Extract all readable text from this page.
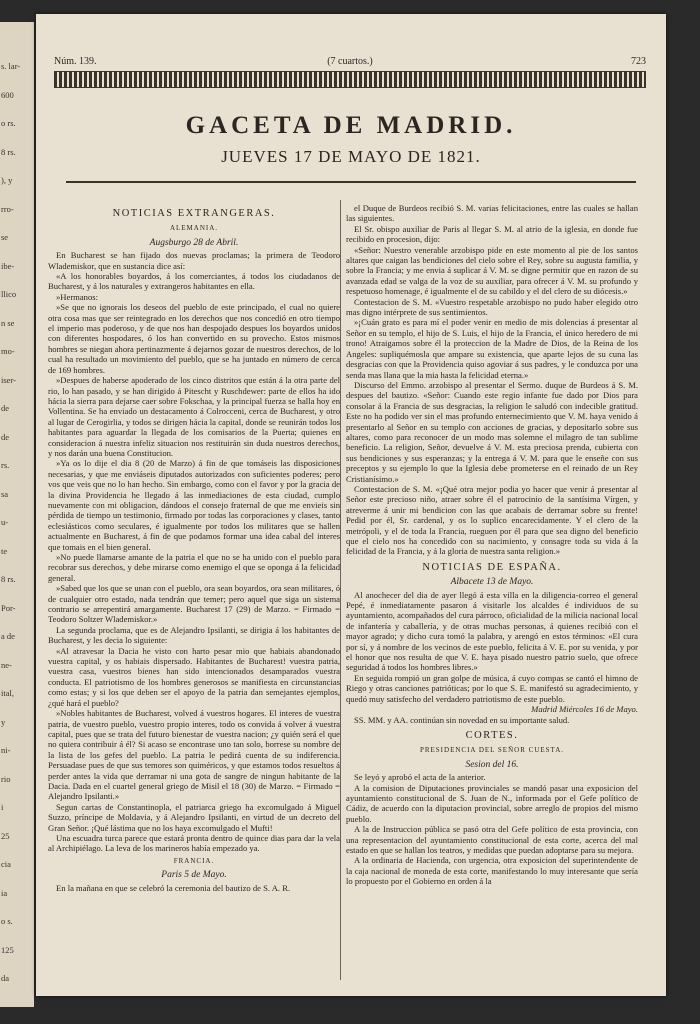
s. lar-
600
o rs.
8 rs.
), y
rro-
se
ibe-
llico
n se
mo-
iser-
de
de
rs.
sa
u-
te
8 rs.
Por-
a de
ne-
ital,
y
ni-
rio
i
25
cia
ia
o s.
125
da
Núm. 139.	(7 cuartos.)	723
GACETA DE MADRID.
JUEVES 17 DE MAYO DE 1821.
NOTICIAS EXTRANGERAS.
ALEMANIA.
Augsburgo 28 de Abril.

En Bucharest se han fijado dos nuevas proclamas; la primera de Teodoro Wlademiskor, que en sustancia dice así:

«A los honorables boyardos, á los comerciantes, á todos los ciudadanos de Bucharest, y á los naturales y extrangeros habitantes en ella.

»Hermanos:

»Se que no ignorais los deseos del pueblo de este principado, el cual no quiere otra cosa mas que ser reintegrado en los derechos que nos concedió en otro tiempo el imperio mas poderoso, y de que nos han despojado despues los boyardos unidos con diferentes hospodares, ó los han convertido en su provecho. Estos mismos hombres se niegan ahora pertinazmente á dejarnos gozar de nuestros derechos, de lo cual ha resultado un movimiento del pueblo, que se ha juntado en número de cerca de 169 hombres.

»Despues de haberse apoderado de los cinco distritos que están á la otra parte del rio, lo han pasado, y se han dirigido á Pitescht y Ruschdewer: parte de ellos ha ido hácia la sierra para dejarse caer sobre Fokschaa, y la principal fuerza se halla hoy en Vollentina. Se ha enviado un destacamento á Colrocceni, cerca de Bucharest, y otro al lugar de Cerogirlia, y todos se dirigen hácia la capital, donde se reunirán todos los habitantes para aguardar la llegada de los comisarios de la Puerta; quienes en consideracion á nuestra infeliz situacion nos restituirán sin duda nuestros derechos, y nos darán una buena Constitucion.

»Ya os lo dije el dia 8 (20 de Marzo) á fin de que tomáseis las disposiciones necesarias, y que me enviáseis diputados autorizados con suficientes poderes; pero vos que veis que no lo han hecho. Sin embargo, como con el favor y por la gracia de la divina Providencia he llegado á las inmediaciones de esta ciudad, cumplo nuevamente con mi obligacion, dándoos el consejo fraternal de que me envieis sin pérdida de tiempo un testimonio, firmado por todas las corporaciones y clases, tanto eclesiásticos como seculares, é igualmente por todos los militares que se hallen actualmente en Bucharest, á fin de que podamos formar una idea cabal del interes que tomais en el bien general.

»No puede llamarse amante de la patria el que no se ha unido con el pueblo para recobrar sus derechos, y debe mirarse como enemigo el que se oponga á la felicidad general.

»Sabed que los que se unan con el pueblo, ora sean boyardos, ora sean militares, ó de cualquier otro estado, nada tendrán que temer; pero aquel que siga un sistema contrario se arrepentirá amargamente. Bucharest 17 (29) de Marzo. = Firmado = Teodoro Soltzer Wlademiskor.»

La segunda proclama, que es de Alejandro Ipsilanti, se dirigia á los habitantes de Bucharest, y les decia lo siguiente:

«Al atravesar la Dacia he visto con harto pesar mio que habiais abandonado vuestra capital, y os habiais dispersado. Habitantes de Bucharest! vuestra patria, vuestra casa, vuestros bienes han sido intencionados desamparados vuestra conducta. El patriotismo de los hombres generosos se manifiesta en circunstancias como estas; y si los que deben ser el apoyo de la patria dan semejantes ejemplos, ¿qué hará el pueblo?

»Nobles habitantes de Bucharest, volved á vuestros hogares. El interes de vuestra patria, de vuestro pueblo, vuestro propio interes, todo os convida á volver á vuestra capital, pues que se trata del futuro bienestar de vuestra nacion; ¿y quién será el que no quiera contribuir á él? Si acaso se encontrase uno tan solo, borrese su nombre de la lista de los gefes del pueblo. La patria le pedirá cuenta de su indiferencia. Persuadase pues de que sus temores son quiméricos, y que estamos todos resueltos á perder antes la vida que derramar ni una gota de sangre de ningun habitante de la Dacia. Dada en el cuartel general griego de Misil el 18 (30) de Marzo. = Firmado = Alejandro Ipsilanti.»

Segun cartas de Constantinopla, el patriarca griego ha excomulgado á Miguel Suzzo, príncipe de Moldavia, y á Alejandro Ipsilanti, en virtud de un decreto del Gran Señor. ¡Qué lástima que no los haya excomulgado el Mufti!

Una escuadra turca parece que estará pronta dentro de quince dias para dar la vela al Archipiélago. La leva de los marineros había empezado ya.

FRANCIA.
Paris 5 de Mayo.

En la mañana en que se celebró la ceremonia del bautizo de S. A. R.

el Duque de Burdeos recibió S. M. varias felicitaciones, entre las cuales se hallan las siguientes.

El Sr. obispo auxiliar de Paris al llegar S. M. al atrio de la iglesia, en donde fue recibido en procesion, dijo:

«Señor: Nuestro venerable arzobispo pide en este momento al pie de los santos altares que caigan las bendiciones del cielo sobre el Rey, sobre su augusta familia, y sobre la Francia; y me envia á suplicar á V. M. se digne permitir que en razon de su avanzada edad se valga de la voz de su auxiliar, para ofrecer á V. M. su profundo y respetuoso homenage, é igualmente el de su cabildo y el del clero de su diócesis.»

Contestacion de S. M. «Vuestro respetable arzobispo no pudo haber elegido otro mas digno intérprete de sus sentimientos.

»¡Cuán grato es para mí el poder venir en medio de mis dolencias á presentar al Señor en su templo, el hijo de S. Luis, el hijo de la Francia, el único heredero de mi trono! Atraigamos sobre él la proteccion de la Madre de Dios, de la Reina de los Angeles: supliquémosla que ampare su existencia, que aparte lejos de su cuna las desgracias con que la Providencia quiso agoviar á sus padres, y le conduzca por una senda mas llana que la mia hasta la felicidad eterna.»

Discurso del Emmo. arzobispo al presentar el Sermo. duque de Burdeos á S. M. despues del bautizo. «Señor: Cuando este regio infante fue dado por Dios para consolar á la Francia de sus desgracias, la religion le saludó con indecible gratitud. Este no ha podido ver sin el mas profundo enternecimiento que V. M. haya venido á presentarlo al Señor en su templo con acciones de gracias, y depositarlo sobre sus altares, como para reconocer de un modo mas solemne el milagro de tan sublime beneficio. La religion, Señor, devuelve á V. M. esta preciosa prenda, cubierta con sus bendiciones y sus esperanzas; y la entrega á V. M. para que le enseñe con sus preceptos y su ejemplo lo que la Iglesia debe prometerse en el reinado de un Rey Cristianísimo.»

Contestacion de S. M. «¡Qué otra mejor podia yo hacer que venir á presentar al Señor este precioso niño, atraer sobre él el patrocinio de la santísima Vírgen, y atreverme á unir mi bendicion con las que acabais de derramar sobre su frente! Pedid por él, Sr. cardenal, y os lo suplico encarecidamente. Y el clero de la metrópoli, y el de toda la Francia, rueguen por él para que sea digno del beneficio que el cielo nos ha concedido con su nacimiento, y consagre toda su vida á la felicidad de la Francia, y á la gloria de nuestra santa religion.»

NOTICIAS DE ESPAÑA.
Albacete 13 de Mayo.

Al anochecer del dia de ayer llegó á esta villa en la diligencia-correo el general Pepé, é inmediatamente pasaron á visitarle los alcaldes é individuos de su ayuntamiento, acompañados del cura párroco, oficialidad de la milicia nacional local de infantería y caballería, y de otras muchas personas, á quienes recibió con el mayor agrado; y dicho cura tomó la palabra, y arengó en estos términos: «El cura por sí, y á nombre de los vecinos de este pueblo, felicita á V. E. por su venida, y por el honor que nos resulta de que V. E. haya pisado nuestro patrio suelo, que ofrece seguridad á todos los hombres libres.»

En seguida rompió un gran golpe de música, á cuyo compas se cantó el himno de Riego y otras canciones patrióticas; por lo que S. E. manifestó su agradecimiento, y quedó muy satisfecho del verdadero patriotismo de este pueblo.

Madrid Miércoles 16 de Mayo.

SS. MM. y AA. continúan sin novedad en su importante salud.

CORTES.
PRESIDENCIA DEL SEÑOR CUESTA.
Sesion del 16.

Se leyó y aprobó el acta de la anterior.

A la comision de Diputaciones provinciales se mandó pasar una exposicion del ayuntamiento constitucional de S. Juan de N., informada por el Gefe político de Cádiz, de acuerdo con la diputacion provincial, sobre arreglo de propios del mismo pueblo.

A la de Instruccion pública se pasó otra del Gefe político de esta provincia, con una representacion del ayuntamiento constitucional de esta corte, acerca del mal estado en que se hallan los teatros, y medidas que puedan adoptarse para su mejora.

A la ordinaria de Hacienda, con urgencia, otra exposicion del superintendente de la caja nacional de moneda de esta corte, manifestando lo muy interesante que sería lo propuesto por el Gobierno en orden á la
